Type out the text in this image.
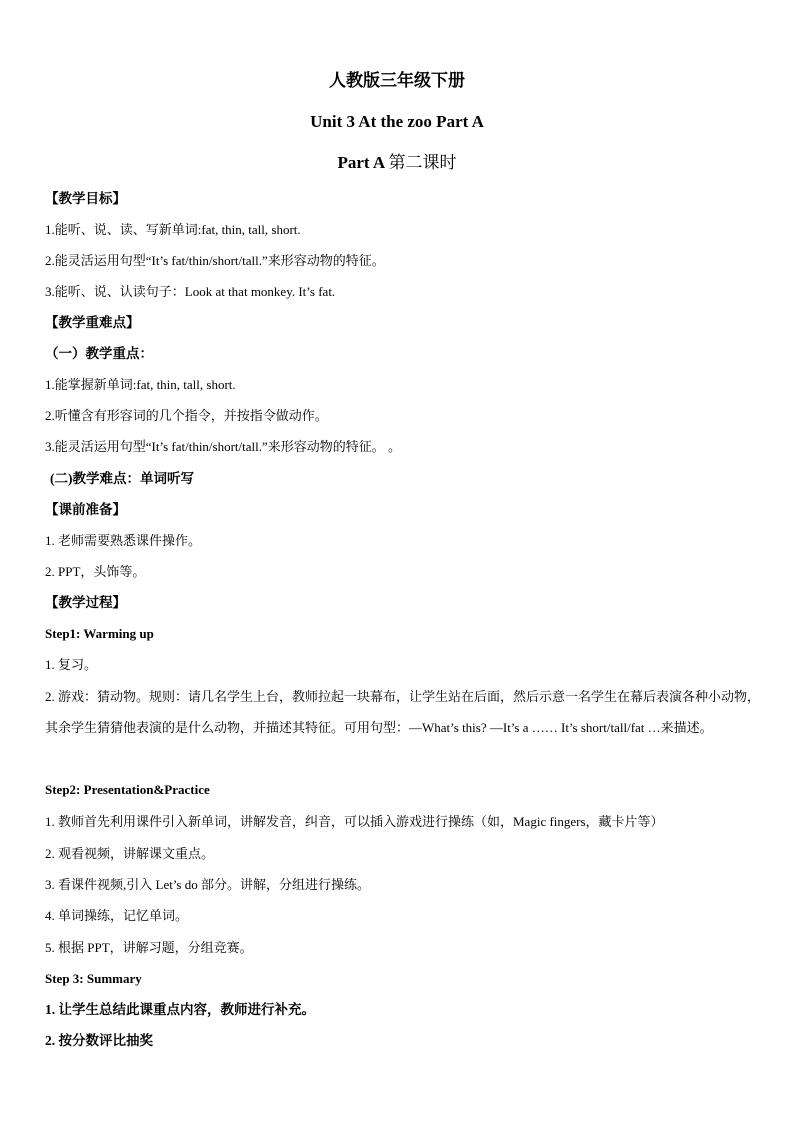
人教版三年级下册
Unit 3 At the zoo Part A
Part A 第二课时
【教学目标】
1.能听、说、读、写新单词:fat, thin, tall, short.
2.能灵活运用句型“It’s fat/thin/short/tall.”来形容动物的特征。
3.能听、说、认读句子：Look at that monkey. It’s fat.
【教学重难点】
（一）教学重点：
1.能掌握新单词:fat, thin, tall, short.
2.听懂含有形容词的几个指令，并按指令做动作。
3.能灵活运用句型“It’s fat/thin/short/tall.”来形容动物的特征。 。
(二)教学难点：单词听写
【课前准备】
1. 老师需要熟悉课件操作。
2. PPT，头饰等。
【教学过程】
Step1: Warming up
1. 复习。
2. 游戏：猜动物。规则：请几名学生上台，教师拉起一块幕布，让学生站在后面，然后示意一名学生在幕后表演各种小动物，其余学生猜猜他表演的是什么动物，并描述其特征。可用句型：—What’s this? —It’s a …… It’s short/tall/fat …来描述。
Step2: Presentation&Practice
1. 教师首先利用课件引入新单词，讲解发音，纠音，可以插入游戏进行操练（如，Magic fingers，藏卡片等）
2. 观看视频，讲解课文重点。
3. 看课件视频,引入 Let’s do 部分。讲解，分组进行操练。
4. 单词操练，记忆单词。
5. 根据 PPT，讲解习题，分组竞赛。
Step 3: Summary
1. 让学生总结此课重点内容，教师进行补充。
2. 按分数评比抽奖
